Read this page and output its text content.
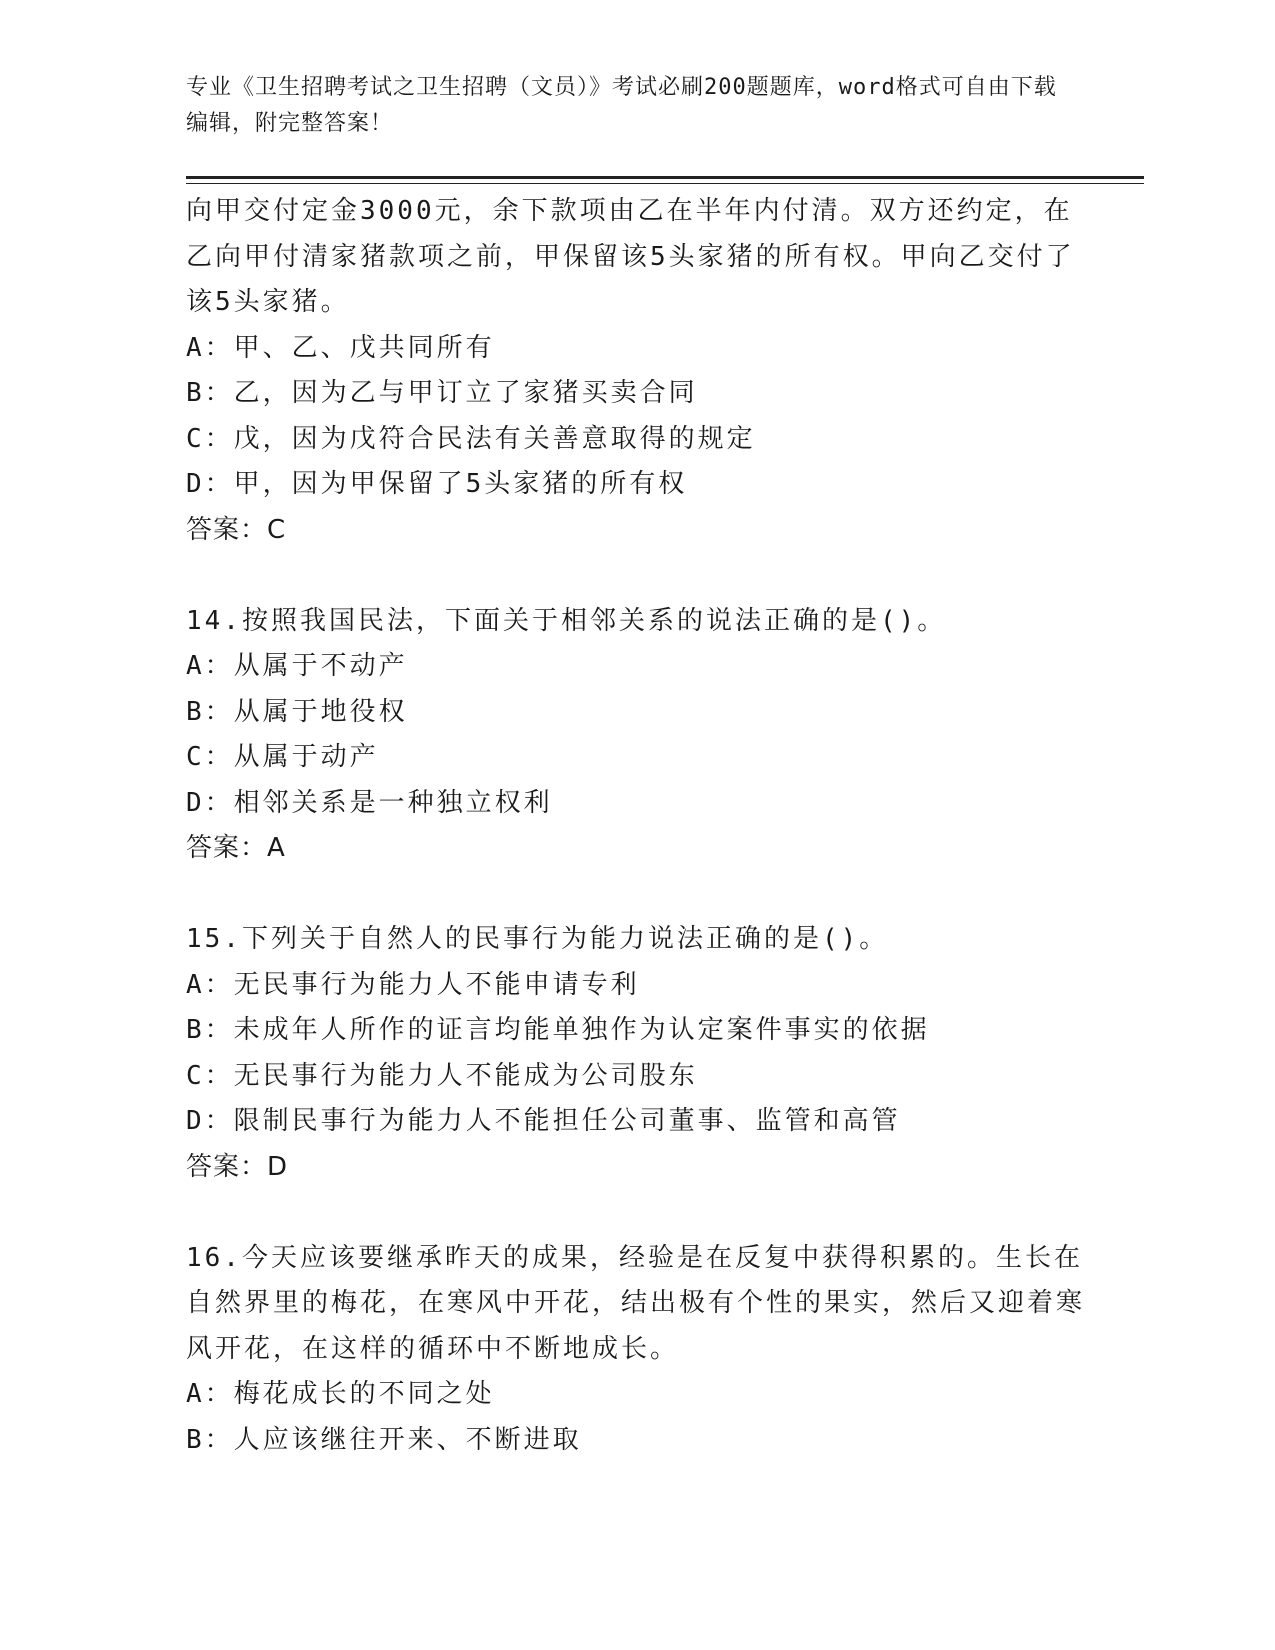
专业《卫生招聘考试之卫生招聘（文员）》考试必刷200题题库，word格式可自由下载编辑，附完整答案！

向甲交付定金3000元，余下款项由乙在半年内付清。双方还约定，在乙向甲付清家猪款项之前，甲保留该5头家猪的所有权。甲向乙交付了该5头家猪。

A：甲、乙、戊共同所有

B：乙，因为乙与甲订立了家猪买卖合同

C：戊，因为戊符合民法有关善意取得的规定

D：甲，因为甲保留了5头家猪的所有权

答案：C

14.按照我国民法，下面关于相邻关系的说法正确的是()。

A：从属于不动产

B：从属于地役权

C：从属于动产

D：相邻关系是一种独立权利

答案：A

15.下列关于自然人的民事行为能力说法正确的是()。

A：无民事行为能力人不能申请专利

B：未成年人所作的证言均能单独作为认定案件事实的依据

C：无民事行为能力人不能成为公司股东

D：限制民事行为能力人不能担任公司董事、监管和高管

答案：D

16.今天应该要继承昨天的成果，经验是在反复中获得积累的。生长在自然界里的梅花，在寒风中开花，结出极有个性的果实，然后又迎着寒风开花，在这样的循环中不断地成长。

A：梅花成长的不同之处

B：人应该继往开来、不断进取
